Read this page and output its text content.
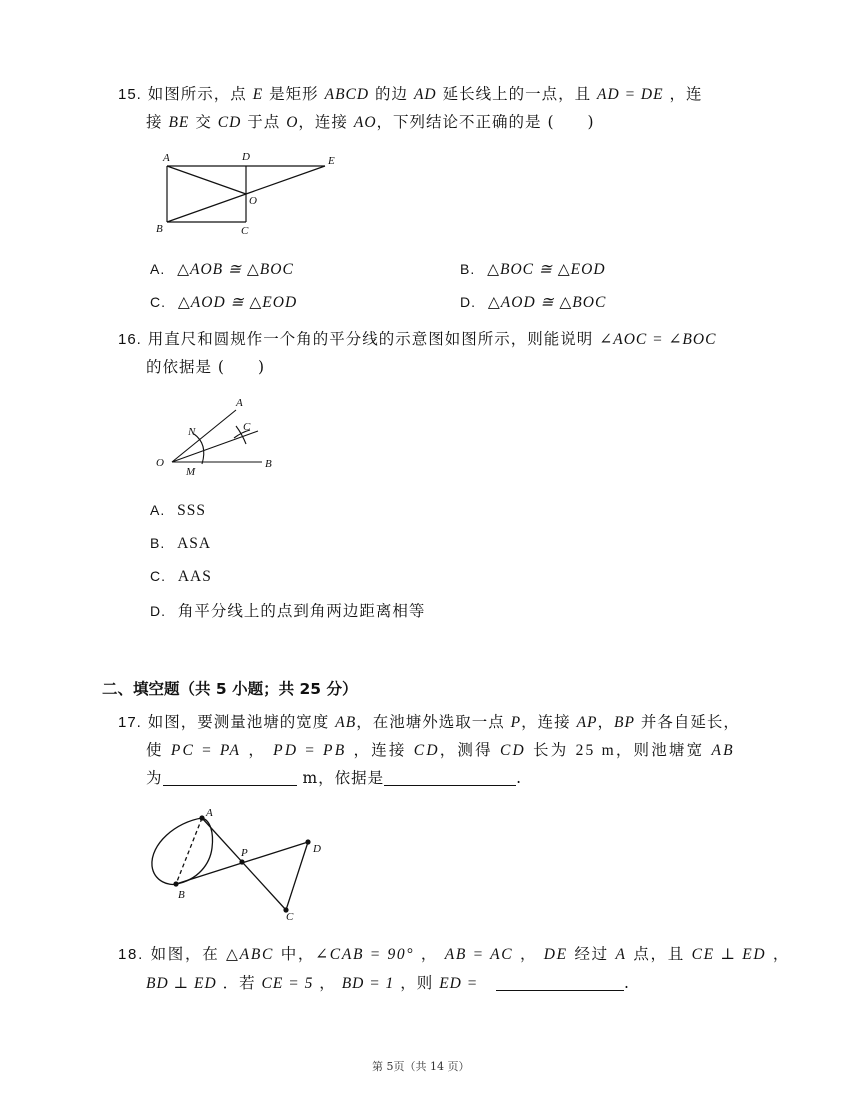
15. 如图所示，点 E 是矩形 ABCD 的边 AD 延长线上的一点，且 AD = DE ，连
接 BE 交 CD 于点 O，连接 AO，下列结论不正确的是 (　　)
A	D	E
O
B	C
A. △AOB ≅ △BOC	B. △BOC ≅ △EOD
C. △AOD ≅ △EOD	D. △AOD ≅ △BOC
16. 用直尺和圆规作一个角的平分线的示意图如图所示，则能说明 ∠AOC = ∠BOC
的依据是 (　　)
A
N	C
O
M
B
A. SSS
B. ASA
C. AAS
D. 角平分线上的点到角两边距离相等
二、填空题（共 5 小题；共 25 分）
17. 如图，要测量池塘的宽度 AB，在池塘外选取一点 P，连接 AP，BP 并各自延长，
使 PC = PA ， PD = PB ，连接 CD，测得 CD 长为 25 m，则池塘宽 AB
为	m，依据是	.
A
P	D
B
C
18. 如图，在 △ABC 中，∠CAB = 90° ， AB = AC ， DE 经过 A 点，且 CE ⊥ ED ，
BD ⊥ ED ．若 CE = 5 ， BD = 1 ，则 ED =	.
第 5页（共 14 页）
